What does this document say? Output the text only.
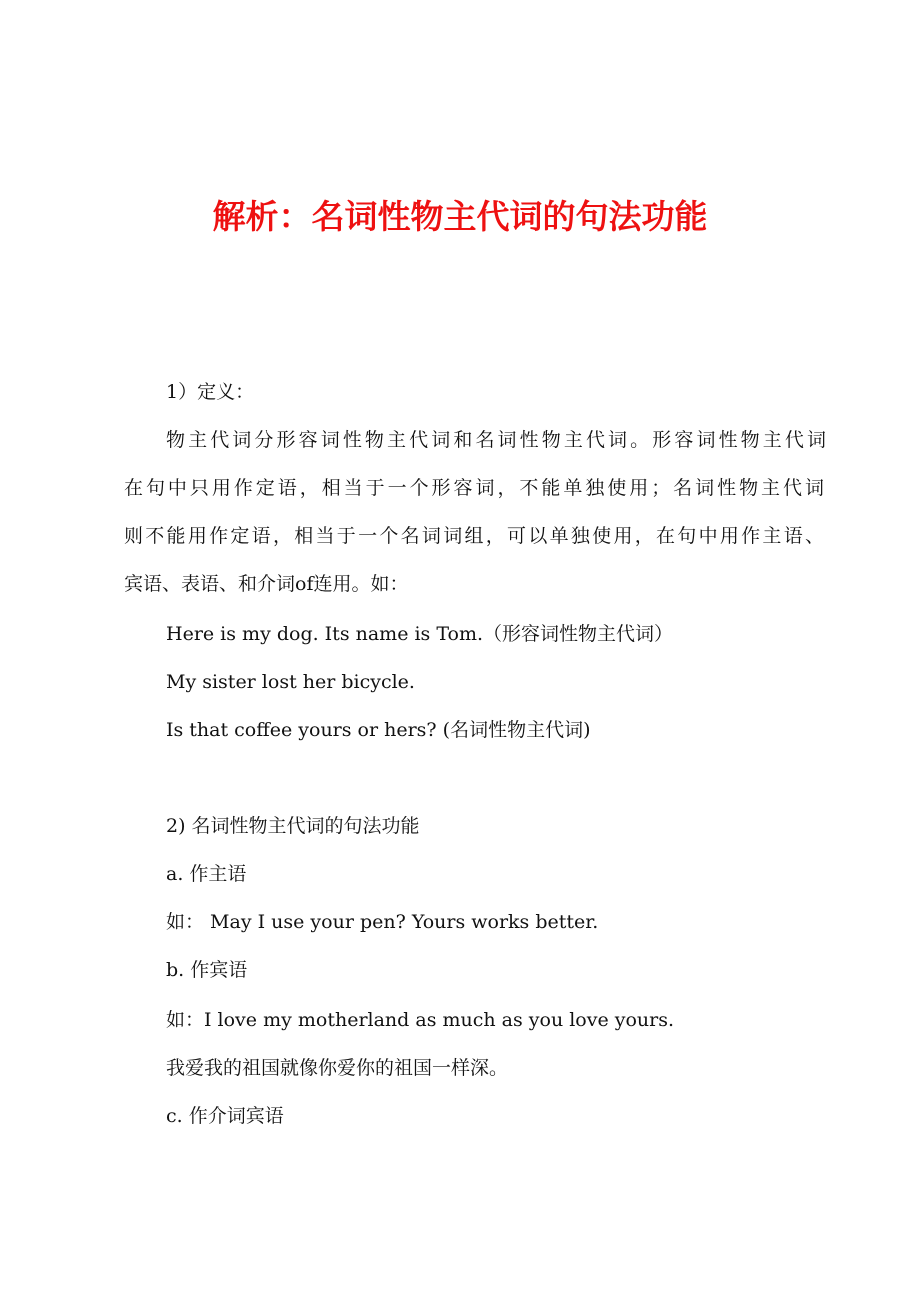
解析：名词性物主代词的句法功能

1）定义：

物主代词分形容词性物主代词和名词性物主代词。形容词性物主代词

在句中只用作定语，相当于一个形容词，不能单独使用；名词性物主代词

则不能用作定语，相当于一个名词词组，可以单独使用，在句中用作主语、

宾语、表语、和介词of连用。如：

Here is my dog. Its name is Tom.（形容词性物主代词）

My sister lost her bicycle.

Is that coffee yours or hers? (名词性物主代词)

2) 名词性物主代词的句法功能

a. 作主语

如： May I use your pen? Yours works better.

b. 作宾语

如：I love my motherland as much as you love yours.

我爱我的祖国就像你爱你的祖国一样深。

c. 作介词宾语
